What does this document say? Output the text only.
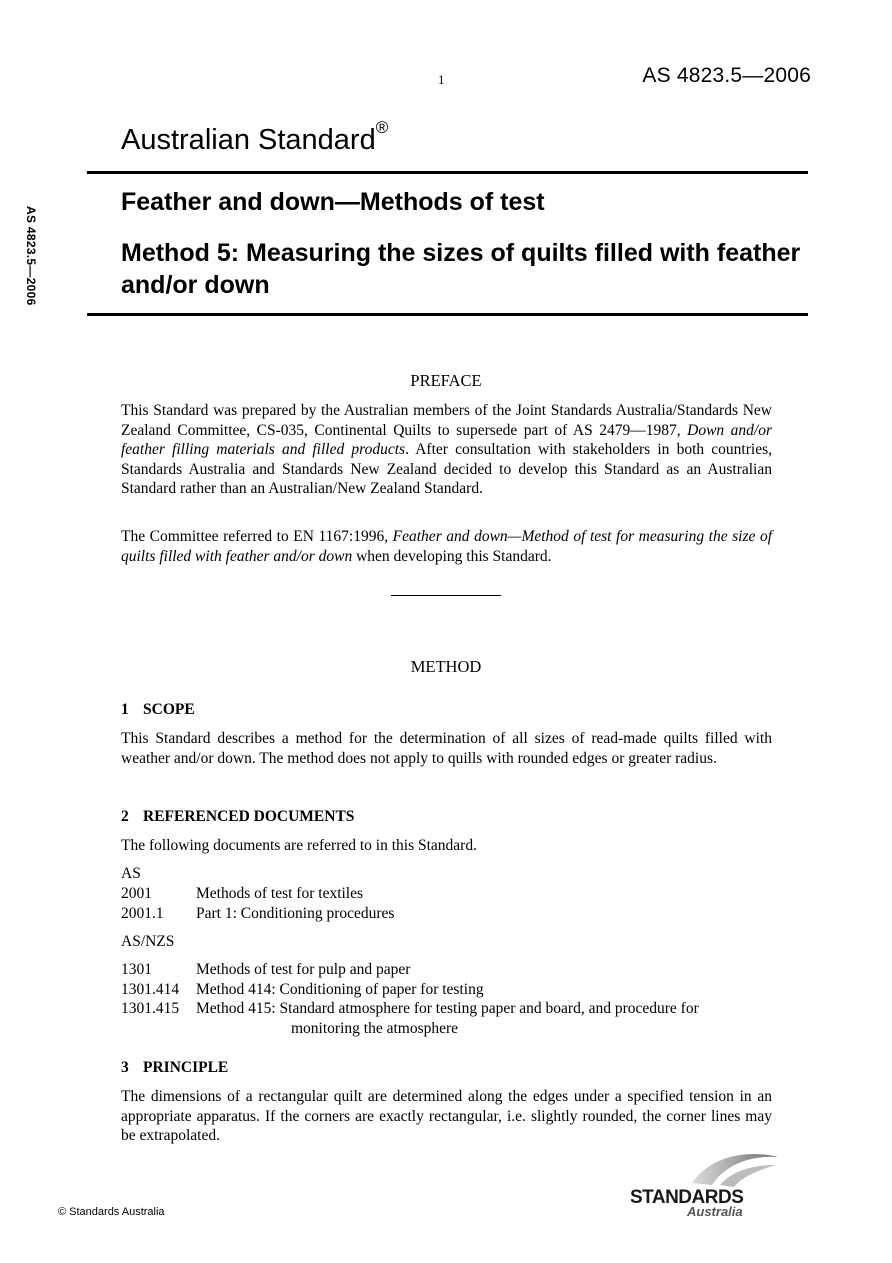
1	AS 4823.5—2006
AS 4823.5—2006
Australian Standard®
Feather and down—Methods of test
Method 5: Measuring the sizes of quilts filled with feather and/or down
PREFACE
This Standard was prepared by the Australian members of the Joint Standards Australia/Standards New Zealand Committee, CS-035, Continental Quilts to supersede part of AS 2479—1987, Down and/or feather filling materials and filled products. After consultation with stakeholders in both countries, Standards Australia and Standards New Zealand decided to develop this Standard as an Australian Standard rather than an Australian/New Zealand Standard.
The Committee referred to EN 1167:1996, Feather and down—Method of test for measuring the size of quilts filled with feather and/or down when developing this Standard.
METHOD
1 SCOPE
This Standard describes a method for the determination of all sizes of read-made quilts filled with weather and/or down. The method does not apply to quills with rounded edges or greater radius.
2 REFERENCED DOCUMENTS
The following documents are referred to in this Standard.
AS
2001	Methods of test for textiles
2001.1	Part 1: Conditioning procedures
AS/NZS
1301	Methods of test for pulp and paper
1301.414	Method 414: Conditioning of paper for testing
1301.415	Method 415: Standard atmosphere for testing paper and board, and procedure for
monitoring the atmosphere
3 PRINCIPLE
The dimensions of a rectangular quilt are determined along the edges under a specified tension in an appropriate apparatus. If the corners are exactly rectangular, i.e. slightly rounded, the corner lines may be extrapolated.
© Standards Australia
STANDARDS
Australia
